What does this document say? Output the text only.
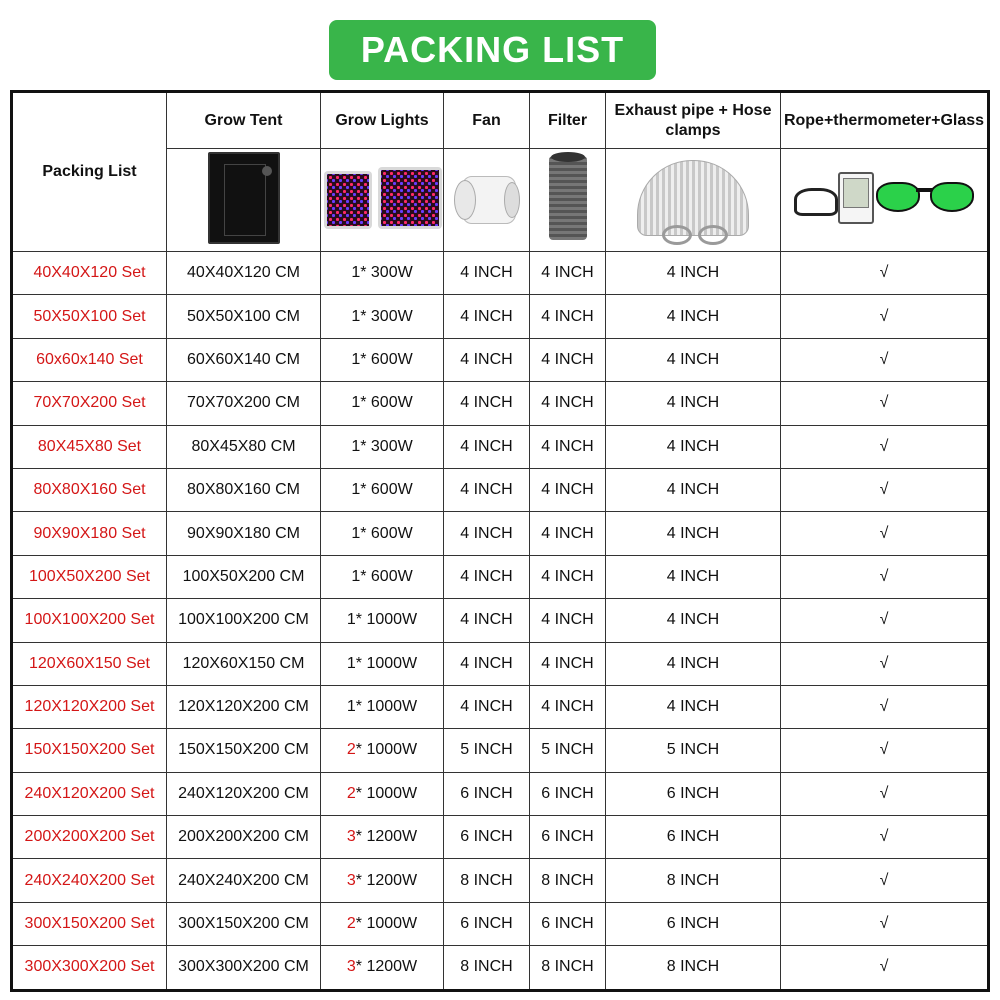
PACKING LIST
Packing List	Grow Tent	Grow Lights	Fan	Filter	Exhaust pipe + Hose clamps	Rope+thermometer+Glass

40X40X120 Set	40X40X120 CM	1* 300W	4 INCH	4 INCH	4 INCH	√
50X50X100 Set	50X50X100 CM	1* 300W	4 INCH	4 INCH	4 INCH	√
60x60x140 Set	60X60X140 CM	1* 600W	4 INCH	4 INCH	4 INCH	√
70X70X200 Set	70X70X200 CM	1* 600W	4 INCH	4 INCH	4 INCH	√
80X45X80 Set	80X45X80 CM	1* 300W	4 INCH	4 INCH	4 INCH	√
80X80X160 Set	80X80X160 CM	1* 600W	4 INCH	4 INCH	4 INCH	√
90X90X180 Set	90X90X180 CM	1* 600W	4 INCH	4 INCH	4 INCH	√
100X50X200 Set	100X50X200 CM	1* 600W	4 INCH	4 INCH	4 INCH	√
100X100X200 Set	100X100X200 CM	1* 1000W	4 INCH	4 INCH	4 INCH	√
120X60X150 Set	120X60X150 CM	1* 1000W	4 INCH	4 INCH	4 INCH	√
120X120X200 Set	120X120X200 CM	1* 1000W	4 INCH	4 INCH	4 INCH	√
150X150X200 Set	150X150X200 CM	2* 1000W	5 INCH	5 INCH	5 INCH	√
240X120X200 Set	240X120X200 CM	2* 1000W	6 INCH	6 INCH	6 INCH	√
200X200X200 Set	200X200X200 CM	3* 1200W	6 INCH	6 INCH	6 INCH	√
240X240X200 Set	240X240X200 CM	3* 1200W	8 INCH	8 INCH	8 INCH	√
300X150X200 Set	300X150X200 CM	2* 1000W	6 INCH	6 INCH	6 INCH	√
300X300X200 Set	300X300X200 CM	3* 1200W	8 INCH	8 INCH	8 INCH	√
